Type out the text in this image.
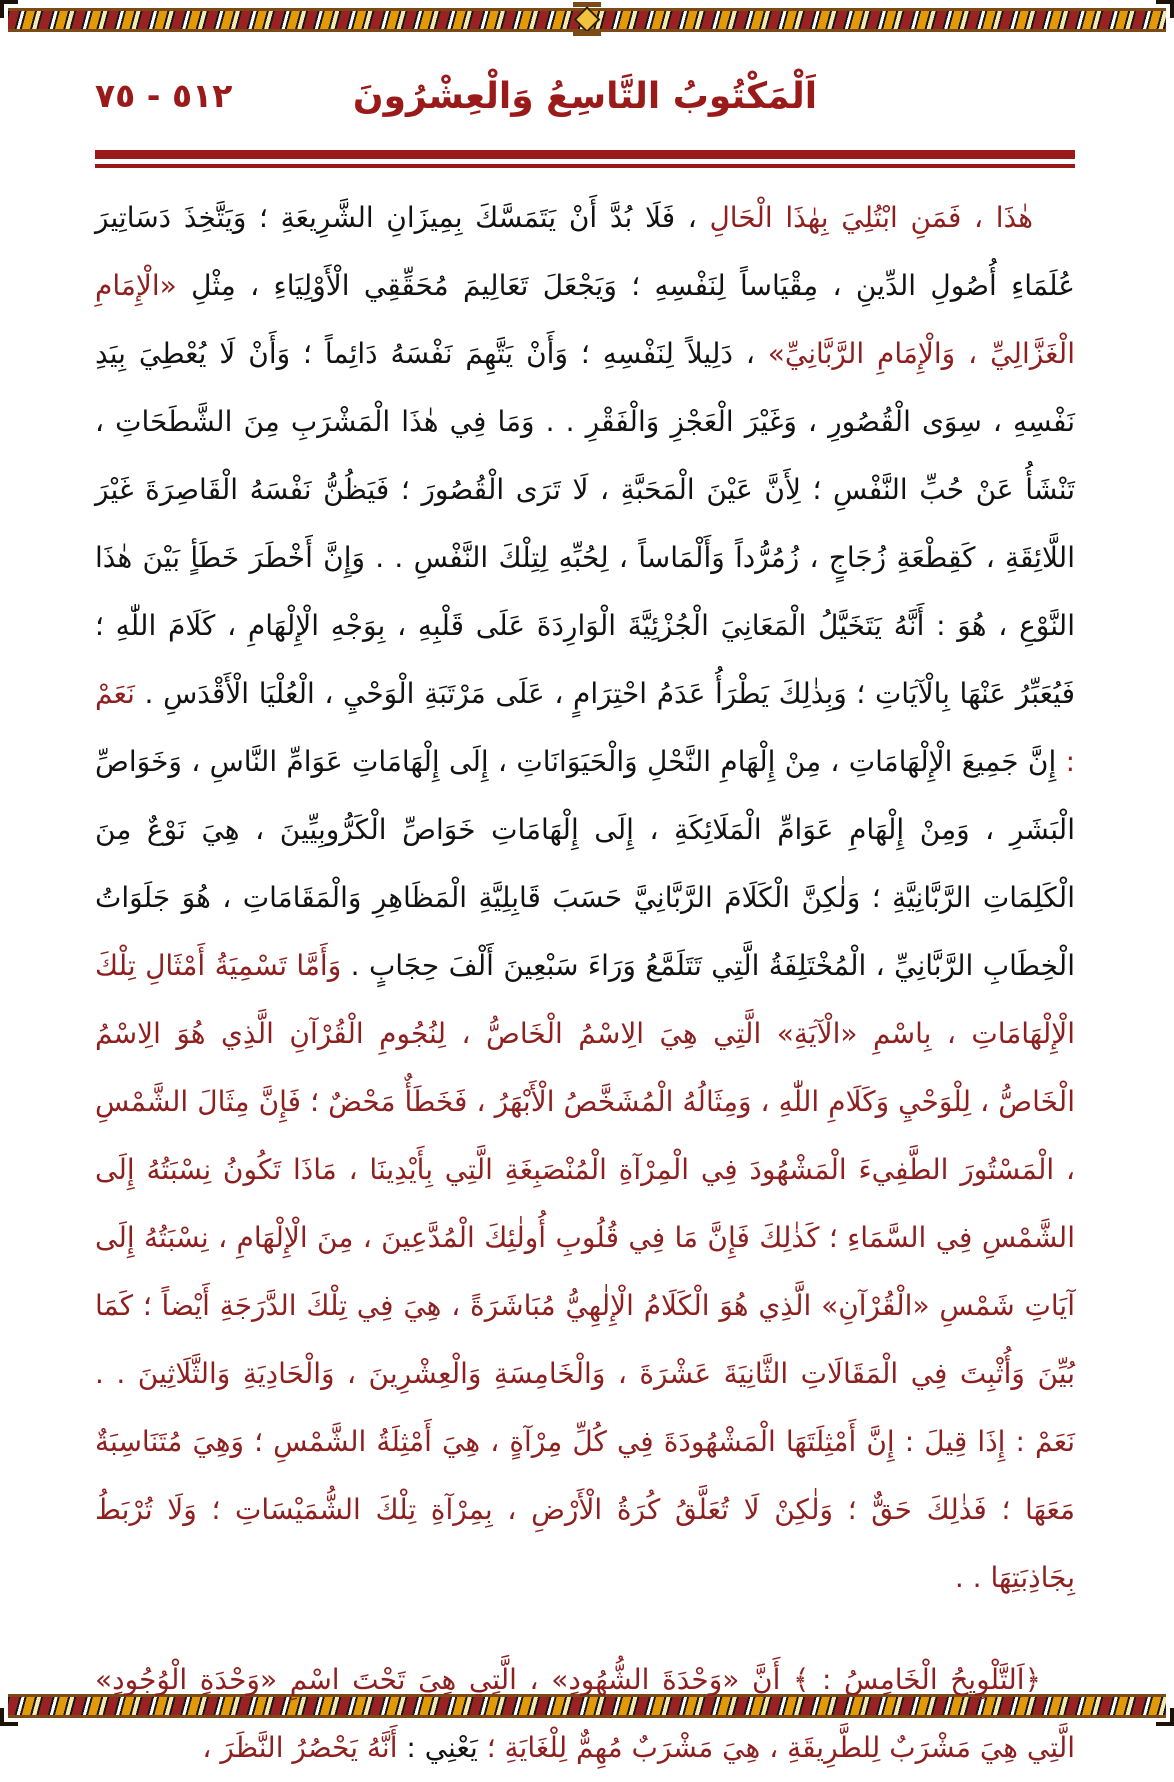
٥١٢ - ٧٥	اَلْمَكْتُوبُ التَّاسِعُ وَالْعِشْرُونَ

هٰذَا ، فَمَنِ ابْتُلِيَ بِهٰذَا الْحَالِ ، فَلَا بُدَّ أَنْ يَتَمَسَّكَ بِمِيزَانِ الشَّرِيعَةِ ؛ وَيَتَّخِذَ دَسَاتِيرَ عُلَمَاءِ أُصُولِ الدِّينِ ، مِقْيَاساً لِنَفْسِهِ ؛ وَيَجْعَلَ تَعَالِيمَ مُحَقِّقِي الْأَوْلِيَاءِ ، مِثْلِ «الْإِمَامِ الْغَزَّالِيِّ ، وَالْإِمَامِ الرَّبَّانِيِّ» ، دَلِيلاً لِنَفْسِهِ ؛ وَأَنْ يَتَّهِمَ نَفْسَهُ دَائِماً ؛ وَأَنْ لَا يُعْطِيَ بِيَدِ نَفْسِهِ ، سِوَى الْقُصُورِ ، وَغَيْرَ الْعَجْزِ وَالْفَقْرِ . . وَمَا فِي هٰذَا الْمَشْرَبِ مِنَ الشَّطَحَاتِ ، تَنْشَأُ عَنْ حُبِّ النَّفْسِ ؛ لِأَنَّ عَيْنَ الْمَحَبَّةِ ، لَا تَرَى الْقُصُورَ ؛ فَيَظُنُّ نَفْسَهُ الْقَاصِرَةَ غَيْرَ اللَّائِقَةِ ، كَقِطْعَةِ زُجَاجٍ ، زُمُرُّداً وَأَلْمَاساً ، لِحُبِّهِ لِتِلْكَ النَّفْسِ . . وَإِنَّ أَخْطَرَ خَطَأٍ بَيْنَ هٰذَا النَّوْعِ ، هُوَ : أَنَّهُ يَتَخَيَّلُ الْمَعَانِيَ الْجُزْئِيَّةَ الْوَارِدَةَ عَلَى قَلْبِهِ ، بِوَجْهِ الْإِلْهَامِ ، كَلَامَ اللّٰهِ ؛ فَيُعَبِّرُ عَنْهَا بِالْآيَاتِ ؛ وَبِذٰلِكَ يَطْرَأُ عَدَمُ احْتِرَامٍ ، عَلَى مَرْتَبَةِ الْوَحْيِ ، الْعُلْيَا الْأَقْدَسِ . نَعَمْ : إِنَّ جَمِيعَ الْإِلْهَامَاتِ ، مِنْ إِلْهَامِ النَّحْلِ وَالْحَيَوَانَاتِ ، إِلَى إِلْهَامَاتِ عَوَامِّ النَّاسِ ، وَخَوَاصِّ الْبَشَرِ ، وَمِنْ إِلْهَامِ عَوَامِّ الْمَلَائِكَةِ ، إِلَى إِلْهَامَاتِ خَوَاصِّ الْكَرُّوبِيِّينَ ، هِيَ نَوْعٌ مِنَ الْكَلِمَاتِ الرَّبَّانِيَّةِ ؛ وَلٰكِنَّ الْكَلَامَ الرَّبَّانِيَّ حَسَبَ قَابِلِيَّةِ الْمَظَاهِرِ وَالْمَقَامَاتِ ، هُوَ جَلَوَاتُ الْخِطَابِ الرَّبَّانِيِّ ، الْمُخْتَلِفَةُ الَّتِي تَتَلَمَّعُ وَرَاءَ سَبْعِينَ أَلْفَ حِجَابٍ . وَأَمَّا تَسْمِيَةُ أَمْثَالِ تِلْكَ الْإِلْهَامَاتِ ، بِاسْمِ «الْآيَةِ» الَّتِي هِيَ الِاسْمُ الْخَاصُّ ، لِنُجُومِ الْقُرْآنِ الَّذِي هُوَ الِاسْمُ الْخَاصُّ ، لِلْوَحْيِ وَكَلَامِ اللّٰهِ ، وَمِثَالُهُ الْمُشَخَّصُ الْأَبْهَرُ ، فَخَطَأٌ مَحْضٌ ؛ فَإِنَّ مِثَالَ الشَّمْسِ ، الْمَسْتُورَ الطَّفِيءَ الْمَشْهُودَ فِي الْمِرْآةِ الْمُنْصَبِغَةِ الَّتِي بِأَيْدِينَا ، مَاذَا تَكُونُ نِسْبَتُهُ إِلَى الشَّمْسِ فِي السَّمَاءِ ؛ كَذٰلِكَ فَإِنَّ مَا فِي قُلُوبِ أُولٰئِكَ الْمُدَّعِينَ ، مِنَ الْإِلْهَامِ ، نِسْبَتُهُ إِلَى آيَاتِ شَمْسِ «الْقُرْآنِ» الَّذِي هُوَ الْكَلَامُ الْإِلٰهِيُّ مُبَاشَرَةً ، هِيَ فِي تِلْكَ الدَّرَجَةِ أَيْضاً ؛ كَمَا بُيِّنَ وَأُثْبِتَ فِي الْمَقَالَاتِ الثَّانِيَةَ عَشْرَةَ ، وَالْخَامِسَةِ وَالْعِشْرِينَ ، وَالْحَادِيَةِ وَالثَّلَاثِينَ . . نَعَمْ : إِذَا قِيلَ : إِنَّ أَمْثِلَتَهَا الْمَشْهُودَةَ فِي كُلِّ مِرْآةٍ ، هِيَ أَمْثِلَةُ الشَّمْسِ ؛ وَهِيَ مُتَنَاسِبَةٌ مَعَهَا ؛ فَذٰلِكَ حَقٌّ ؛ وَلٰكِنْ لَا تُعَلَّقُ كُرَةُ الْأَرْضِ ، بِمِرْآةِ تِلْكَ الشُّمَيْسَاتِ ؛ وَلَا تُرْبَطُ بِجَاذِبَتِهَا . .

﴿اَلتَّلْوِيحُ الْخَامِسُ : ﴾ أَنَّ «وَحْدَةَ الشُّهُودِ» ، الَّتِي هِيَ تَحْتَ اسْمِ «وَحْدَةِ الْوُجُودِ» الَّتِي هِيَ مَشْرَبٌ لِلطَّرِيقَةِ ، هِيَ مَشْرَبٌ مُهِمٌّ لِلْغَايَةِ ؛ يَعْنِي : أَنَّهُ يَحْصُرُ النَّظَرَ ،
